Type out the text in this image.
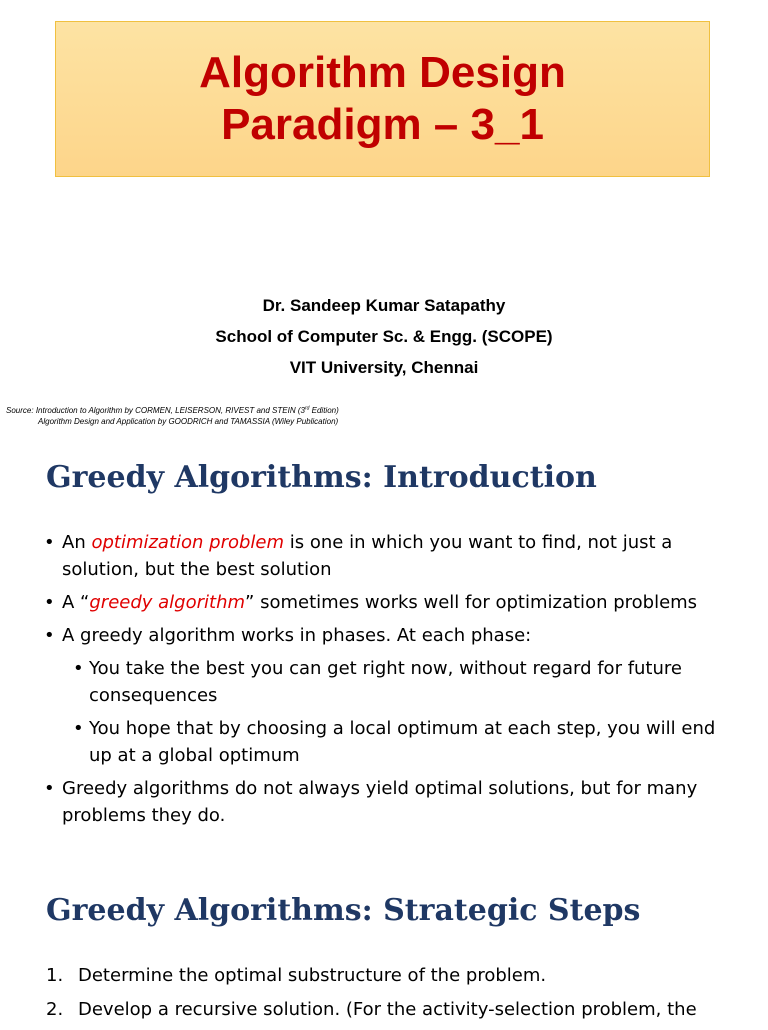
Algorithm Design
Paradigm – 3_1
Dr. Sandeep Kumar Satapathy
School of Computer Sc. & Engg. (SCOPE)
VIT University, Chennai
Source: Introduction to Algorithm by CORMEN, LEISERSON, RIVEST and STEIN (3rd Edition)
Algorithm Design and Application by GOODRICH and TAMASSIA (Wiley Publication)
Greedy Algorithms: Introduction
• An optimization problem is one in which you want to find, not just a solution, but the best solution
• A “greedy algorithm” sometimes works well for optimization problems
• A greedy algorithm works in phases. At each phase:
• You take the best you can get right now, without regard for future consequences
• You hope that by choosing a local optimum at each step, you will end up at a global optimum
• Greedy algorithms do not always yield optimal solutions, but for many problems they do.
Greedy Algorithms: Strategic Steps
1. Determine the optimal substructure of the problem.
2. Develop a recursive solution. (For the activity-selection problem, the
